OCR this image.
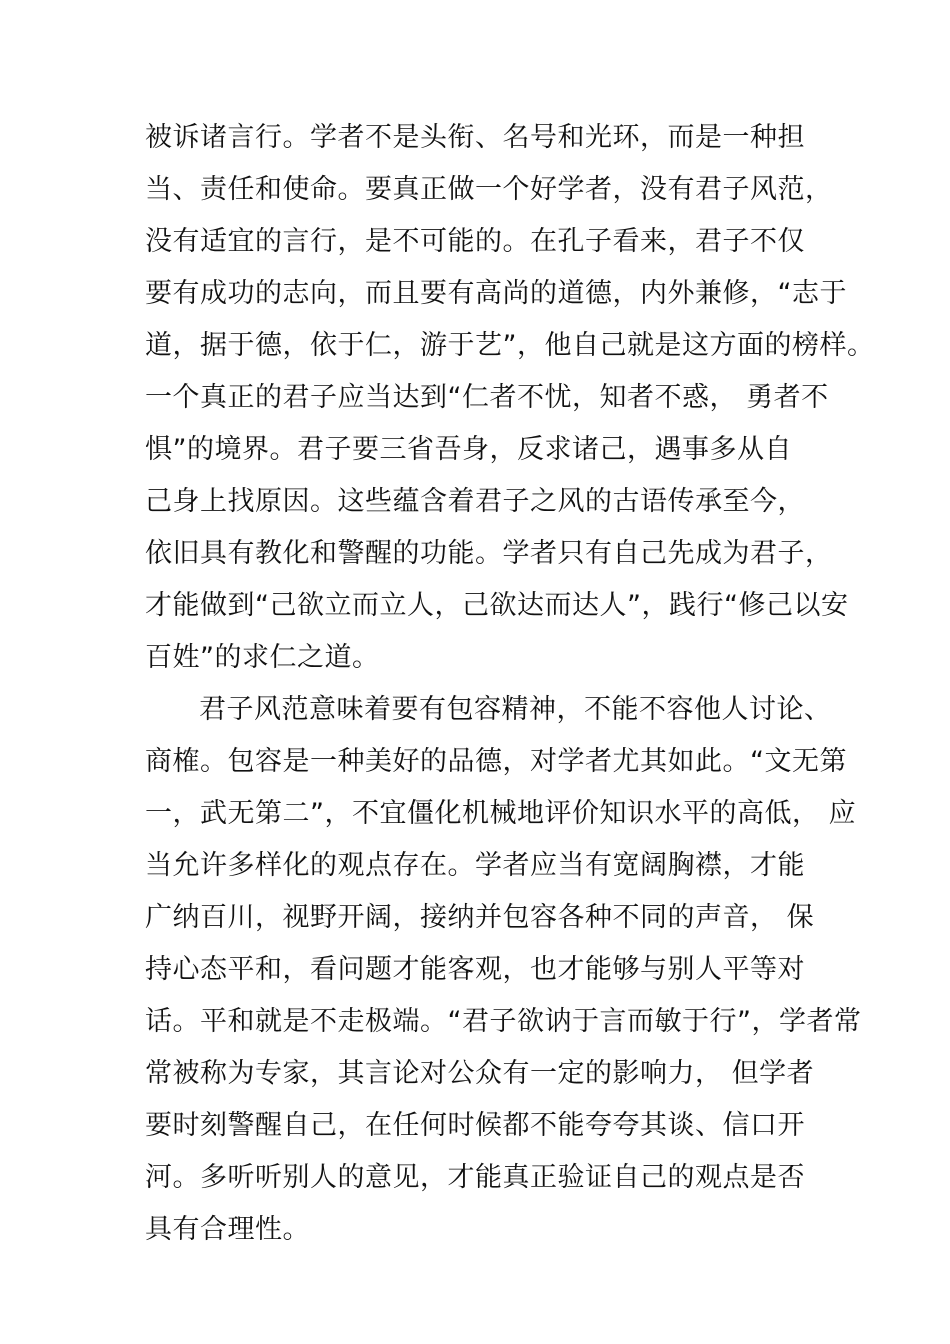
被诉诸言行。学者不是头衔、名号和光环，而是一种担
当、责任和使命。要真正做一个好学者，没有君子风范，
没有适宜的言行，是不可能的。在孔子看来，君子不仅
要有成功的志向，而且要有高尚的道德，内外兼修，“志于
道，据于德，依于仁，游于艺”，他自己就是这方面的榜样。
一个真正的君子应当达到“仁者不忧，知者不惑， 勇者不
惧”的境界。君子要三省吾身，反求诸己，遇事多从自
己身上找原因。这些蕴含着君子之风的古语传承至今，
依旧具有教化和警醒的功能。学者只有自己先成为君子，
才能做到“己欲立而立人，己欲达而达人”，践行“修己以安
百姓”的求仁之道。
君子风范意味着要有包容精神，不能不容他人讨论、
商榷。包容是一种美好的品德，对学者尤其如此。“文无第
一，武无第二”，不宜僵化机械地评价知识水平的高低， 应
当允许多样化的观点存在。学者应当有宽阔胸襟，才能
广纳百川，视野开阔，接纳并包容各种不同的声音， 保
持心态平和，看问题才能客观，也才能够与别人平等对
话。平和就是不走极端。“君子欲讷于言而敏于行”，学者常
常被称为专家，其言论对公众有一定的影响力， 但学者
要时刻警醒自己，在任何时候都不能夸夸其谈、信口开
河。多听听别人的意见，才能真正验证自己的观点是否
具有合理性。
